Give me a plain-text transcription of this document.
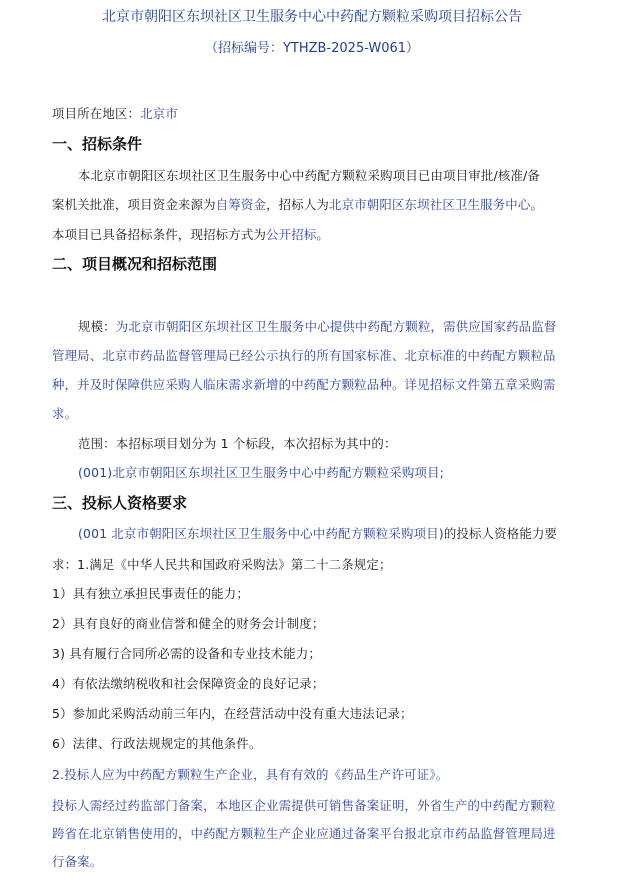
北京市朝阳区东坝社区卫生服务中心中药配方颗粒采购项目招标公告
（招标编号：YTHZB-2025-W061）
项目所在地区：北京市
一、招标条件
本北京市朝阳区东坝社区卫生服务中心中药配方颗粒采购项目已由项目审批/核准/备
案机关批准，项目资金来源为自筹资金，招标人为北京市朝阳区东坝社区卫生服务中心。
本项目已具备招标条件，现招标方式为公开招标。
二、项目概况和招标范围
规模：为北京市朝阳区东坝社区卫生服务中心提供中药配方颗粒，需供应国家药品监督
管理局、北京市药品监督管理局已经公示执行的所有国家标准、北京标准的中药配方颗粒品
种，并及时保障供应采购人临床需求新增的中药配方颗粒品种。详见招标文件第五章采购需
求。
范围：本招标项目划分为 1 个标段，本次招标为其中的：
(001)北京市朝阳区东坝社区卫生服务中心中药配方颗粒采购项目;
三、投标人资格要求
(001 北京市朝阳区东坝社区卫生服务中心中药配方颗粒采购项目)的投标人资格能力要
求：1.满足《中华人民共和国政府采购法》第二十二条规定；
1）具有独立承担民事责任的能力；
2）具有良好的商业信誉和健全的财务会计制度；
3) 具有履行合同所必需的设备和专业技术能力；
4）有依法缴纳税收和社会保障资金的良好记录；
5）参加此采购活动前三年内，在经营活动中没有重大违法记录；
6）法律、行政法规规定的其他条件。
2.投标人应为中药配方颗粒生产企业，具有有效的《药品生产许可证》。
投标人需经过药监部门备案，本地区企业需提供可销售备案证明，外省生产的中药配方颗粒
跨省在北京销售使用的，中药配方颗粒生产企业应通过备案平台报北京市药品监督管理局进
行备案。
